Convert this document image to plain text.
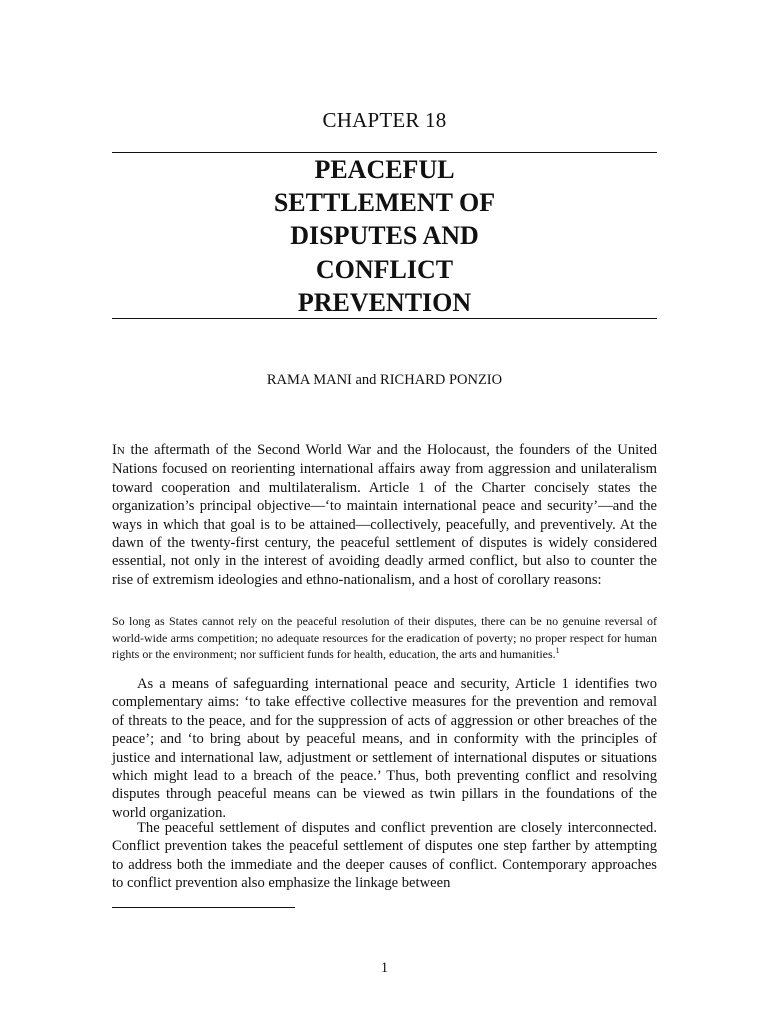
CHAPTER 18
PEACEFUL
SETTLEMENT OF
DISPUTES AND
CONFLICT
PREVENTION
RAMA MANI and RICHARD PONZIO

IN the aftermath of the Second World War and the Holocaust, the founders of the United Nations focused on reorienting international affairs away from aggression and unilateralism toward cooperation and multilateralism. Article 1 of the Charter concisely states the organization’s principal objective—‘to maintain international peace and security’—and the ways in which that goal is to be attained—collectively, peacefully, and preventively. At the dawn of the twenty-first century, the peaceful settlement of disputes is widely considered essential, not only in the interest of avoiding deadly armed conflict, but also to counter the rise of extremism ideologies and ethno-nationalism, and a host of corollary reasons:

So long as States cannot rely on the peaceful resolution of their disputes, there can be no genuine reversal of world-wide arms competition; no adequate resources for the eradication of poverty; no proper respect for human rights or the environment; nor sufficient funds for health, education, the arts and humanities.$^1$

As a means of safeguarding international peace and security, Article 1 identifies two complementary aims: ‘to take effective collective measures for the prevention and removal of threats to the peace, and for the suppression of acts of aggression or other breaches of the peace’; and ‘to bring about by peaceful means, and in conformity with the principles of justice and international law, adjustment or settlement of international disputes or situations which might lead to a breach of the peace.’ Thus, both preventing conflict and resolving disputes through peaceful means can be viewed as twin pillars in the foundations of the world organization.

The peaceful settlement of disputes and conflict prevention are closely interconnected. Conflict prevention takes the peaceful settlement of disputes one step farther by attempting to address both the immediate and the deeper causes of conflict. Contemporary approaches to conflict prevention also emphasize the linkage between

1
